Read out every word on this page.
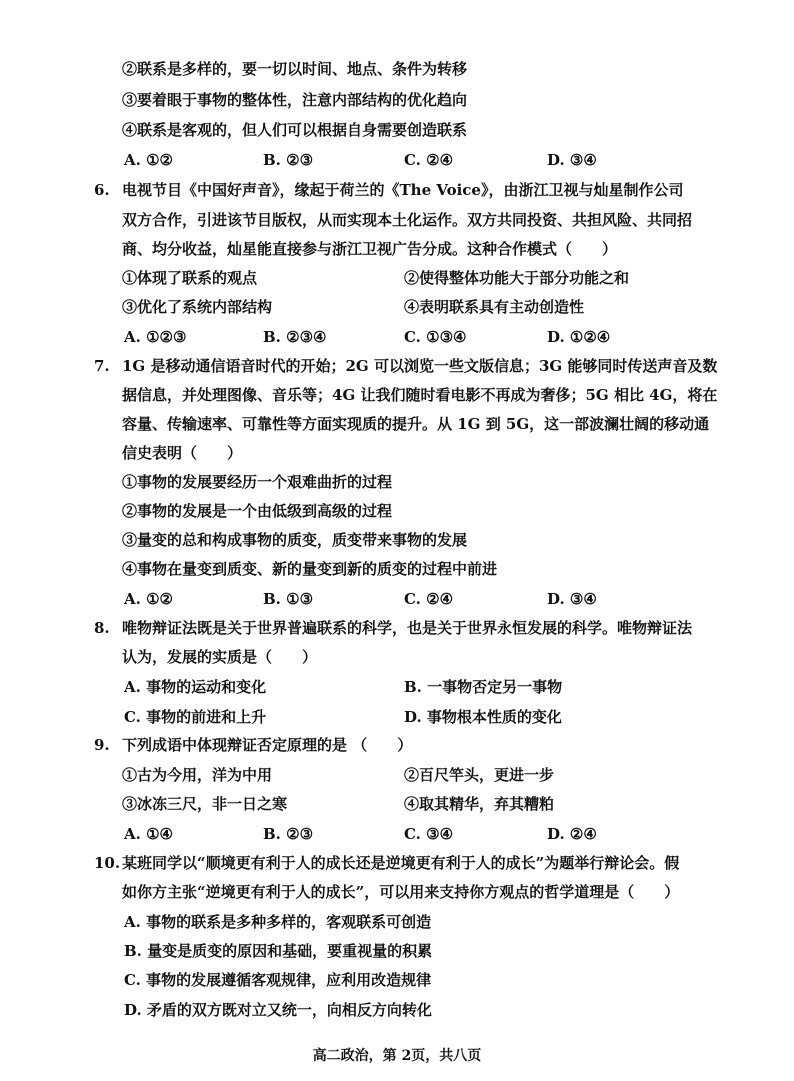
②联系是多样的，要一切以时间、地点、条件为转移
③要着眼于事物的整体性，注意内部结构的优化趋向
④联系是客观的，但人们可以根据自身需要创造联系
A. ①②	B. ②③	C. ②④	D. ③④
6. 电视节目《中国好声音》，缘起于荷兰的《The Voice》，由浙江卫视与灿星制作公司
双方合作，引进该节目版权，从而实现本土化运作。双方共同投资、共担风险、共同招
商、均分收益，灿星能直接参与浙江卫视广告分成。这种合作模式（　　）
①体现了联系的观点	②使得整体功能大于部分功能之和
③优化了系统内部结构	④表明联系具有主动创造性
A. ①②③	B. ②③④	C. ①③④	D. ①②④
7. 1G 是移动通信语音时代的开始；2G 可以浏览一些文版信息；3G 能够同时传送声音及数
据信息，并处理图像、音乐等；4G 让我们随时看电影不再成为奢侈；5G 相比 4G，将在
容量、传输速率、可靠性等方面实现质的提升。从 1G 到 5G，这一部波澜壮阔的移动通
信史表明（　　）
①事物的发展要经历一个艰难曲折的过程
②事物的发展是一个由低级到高级的过程
③量变的总和构成事物的质变，质变带来事物的发展
④事物在量变到质变、新的量变到新的质变的过程中前进
A. ①②	B. ①③	C. ②④	D. ③④
8. 唯物辩证法既是关于世界普遍联系的科学，也是关于世界永恒发展的科学。唯物辩证法
认为，发展的实质是（　　）
A. 事物的运动和变化	B. 一事物否定另一事物
C. 事物的前进和上升	D. 事物根本性质的变化
9. 下列成语中体现辩证否定原理的是 （　　）
①古为今用，洋为中用	②百尺竿头，更进一步
③冰冻三尺，非一日之寒	④取其精华，弃其糟粕
A. ①④	B. ②③	C. ③④	D. ②④
10. 某班同学以“顺境更有利于人的成长还是逆境更有利于人的成长”为题举行辩论会。假
如你方主张“逆境更有利于人的成长”，可以用来支持你方观点的哲学道理是（　　）
A. 事物的联系是多种多样的，客观联系可创造
B. 量变是质变的原因和基础，要重视量的积累
C. 事物的发展遵循客观规律，应利用改造规律
D. 矛盾的双方既对立又统一，向相反方向转化
高二政治，第 2页，共八页
